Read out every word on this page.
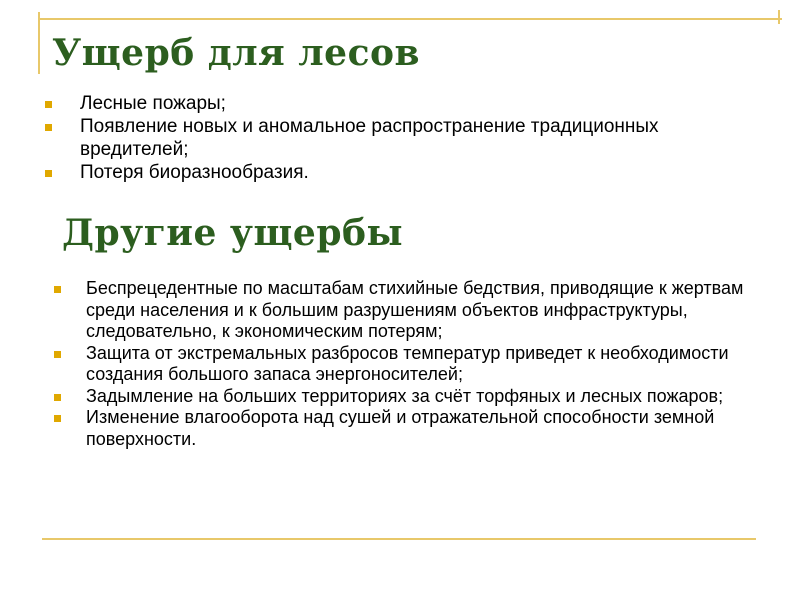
Ущерб для лесов
Лесные пожары;
Появление новых и аномальное распространение традиционных вредителей;
Потеря биоразнообразия.
Другие ущербы
Беспрецедентные по масштабам стихийные бедствия, приводящие к жертвам среди населения и к большим разрушениям объектов инфраструктуры, следовательно, к экономическим потерям;
Защита от экстремальных разбросов температур приведет к необходимости создания большого запаса энергоносителей;
Задымление на больших территориях за счёт торфяных и лесных пожаров;
Изменение влагооборота над сушей и отражательной способности земной поверхности.
